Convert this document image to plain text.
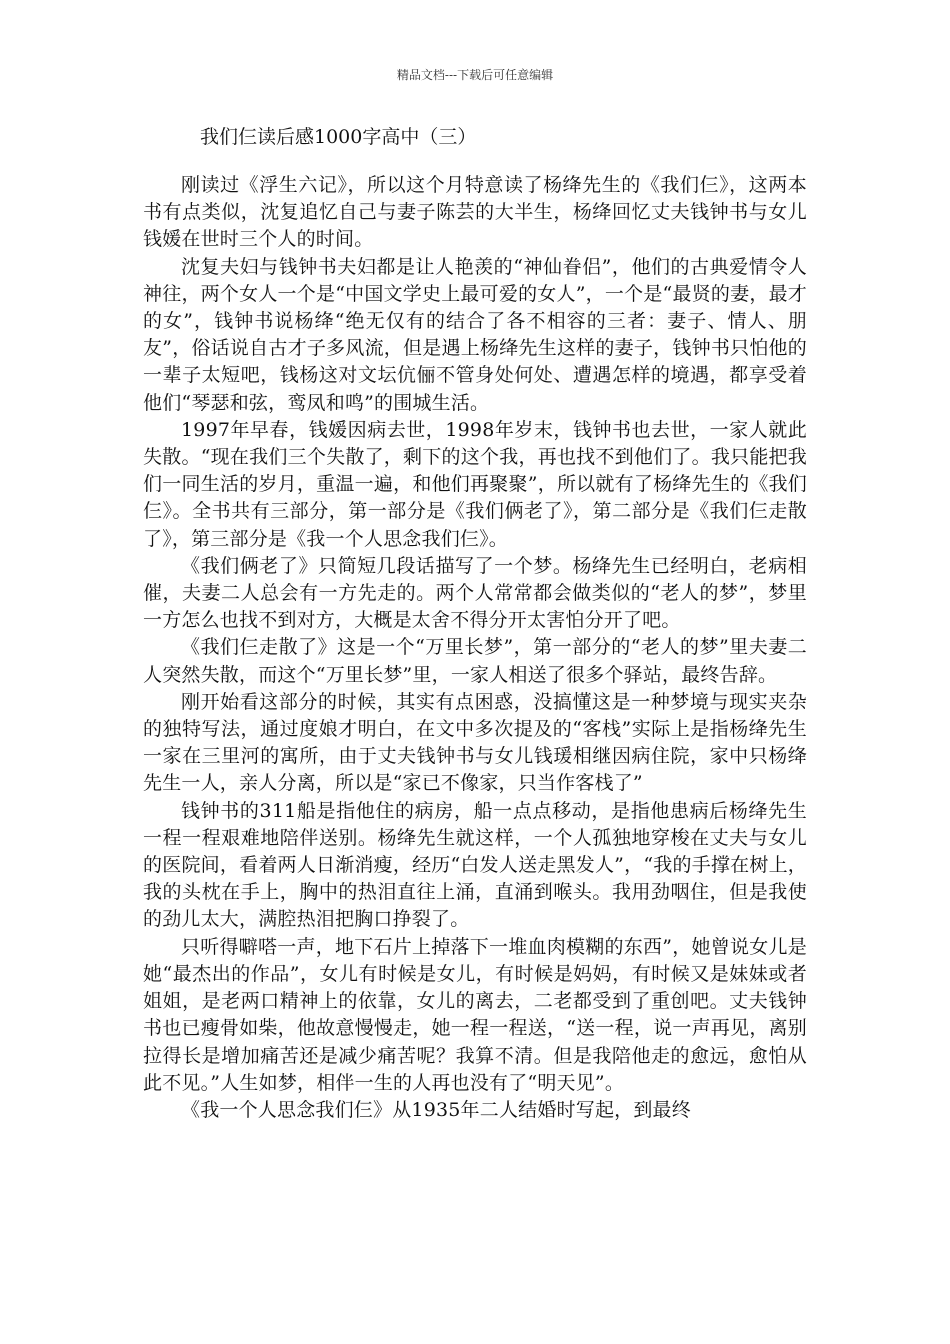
精品文档---下载后可任意编辑
我们仨读后感1000字高中（三）

刚读过《浮生六记》，所以这个月特意读了杨绛先生的《我们仨》，这两本书有点类似，沈复追忆自己与妻子陈芸的大半生，杨绛回忆丈夫钱钟书与女儿钱媛在世时三个人的时间。

沈复夫妇与钱钟书夫妇都是让人艳羡的“神仙眷侣”，他们的古典爱情令人神往，两个女人一个是“中国文学史上最可爱的女人”，一个是“最贤的妻，最才的女”，钱钟书说杨绛“绝无仅有的结合了各不相容的三者：妻子、情人、朋友”，俗话说自古才子多风流，但是遇上杨绛先生这样的妻子，钱钟书只怕他的一辈子太短吧，钱杨这对文坛伉俪不管身处何处、遭遇怎样的境遇，都享受着他们“琴瑟和弦，鸾凤和鸣”的围城生活。

1997年早春，钱媛因病去世，1998年岁末，钱钟书也去世，一家人就此失散。“现在我们三个失散了，剩下的这个我，再也找不到他们了。我只能把我们一同生活的岁月，重温一遍，和他们再聚聚”，所以就有了杨绛先生的《我们仨》。全书共有三部分，第一部分是《我们俩老了》，第二部分是《我们仨走散了》，第三部分是《我一个人思念我们仨》。

《我们俩老了》只简短几段话描写了一个梦。杨绛先生已经明白，老病相催，夫妻二人总会有一方先走的。两个人常常都会做类似的“老人的梦”，梦里一方怎么也找不到对方，大概是太舍不得分开太害怕分开了吧。

《我们仨走散了》这是一个“万里长梦”，第一部分的“老人的梦”里夫妻二人突然失散，而这个“万里长梦”里，一家人相送了很多个驿站，最终告辞。

刚开始看这部分的时候，其实有点困惑，没搞懂这是一种梦境与现实夹杂的独特写法，通过度娘才明白，在文中多次提及的“客栈”实际上是指杨绛先生一家在三里河的寓所，由于丈夫钱钟书与女儿钱瑗相继因病住院，家中只杨绛先生一人，亲人分离，所以是“家已不像家，只当作客栈了”

钱钟书的311船是指他住的病房，船一点点移动，是指他患病后杨绛先生一程一程艰难地陪伴送别。杨绛先生就这样，一个人孤独地穿梭在丈夫与女儿的医院间，看着两人日渐消瘦，经历“白发人送走黑发人”，“我的手撑在树上，我的头枕在手上，胸中的热泪直往上涌，直涌到喉头。我用劲咽住，但是我使的劲儿太大，满腔热泪把胸口挣裂了。

只听得噼嗒一声，地下石片上掉落下一堆血肉模糊的东西”，她曾说女儿是她“最杰出的作品”，女儿有时候是女儿，有时候是妈妈，有时候又是妹妹或者姐姐，是老两口精神上的依靠，女儿的离去，二老都受到了重创吧。丈夫钱钟书也已瘦骨如柴，他故意慢慢走，她一程一程送，“送一程，说一声再见，离别拉得长是增加痛苦还是减少痛苦呢？我算不清。但是我陪他走的愈远，愈怕从此不见。”人生如梦，相伴一生的人再也没有了“明天见”。

《我一个人思念我们仨》从1935年二人结婚时写起，到最终
